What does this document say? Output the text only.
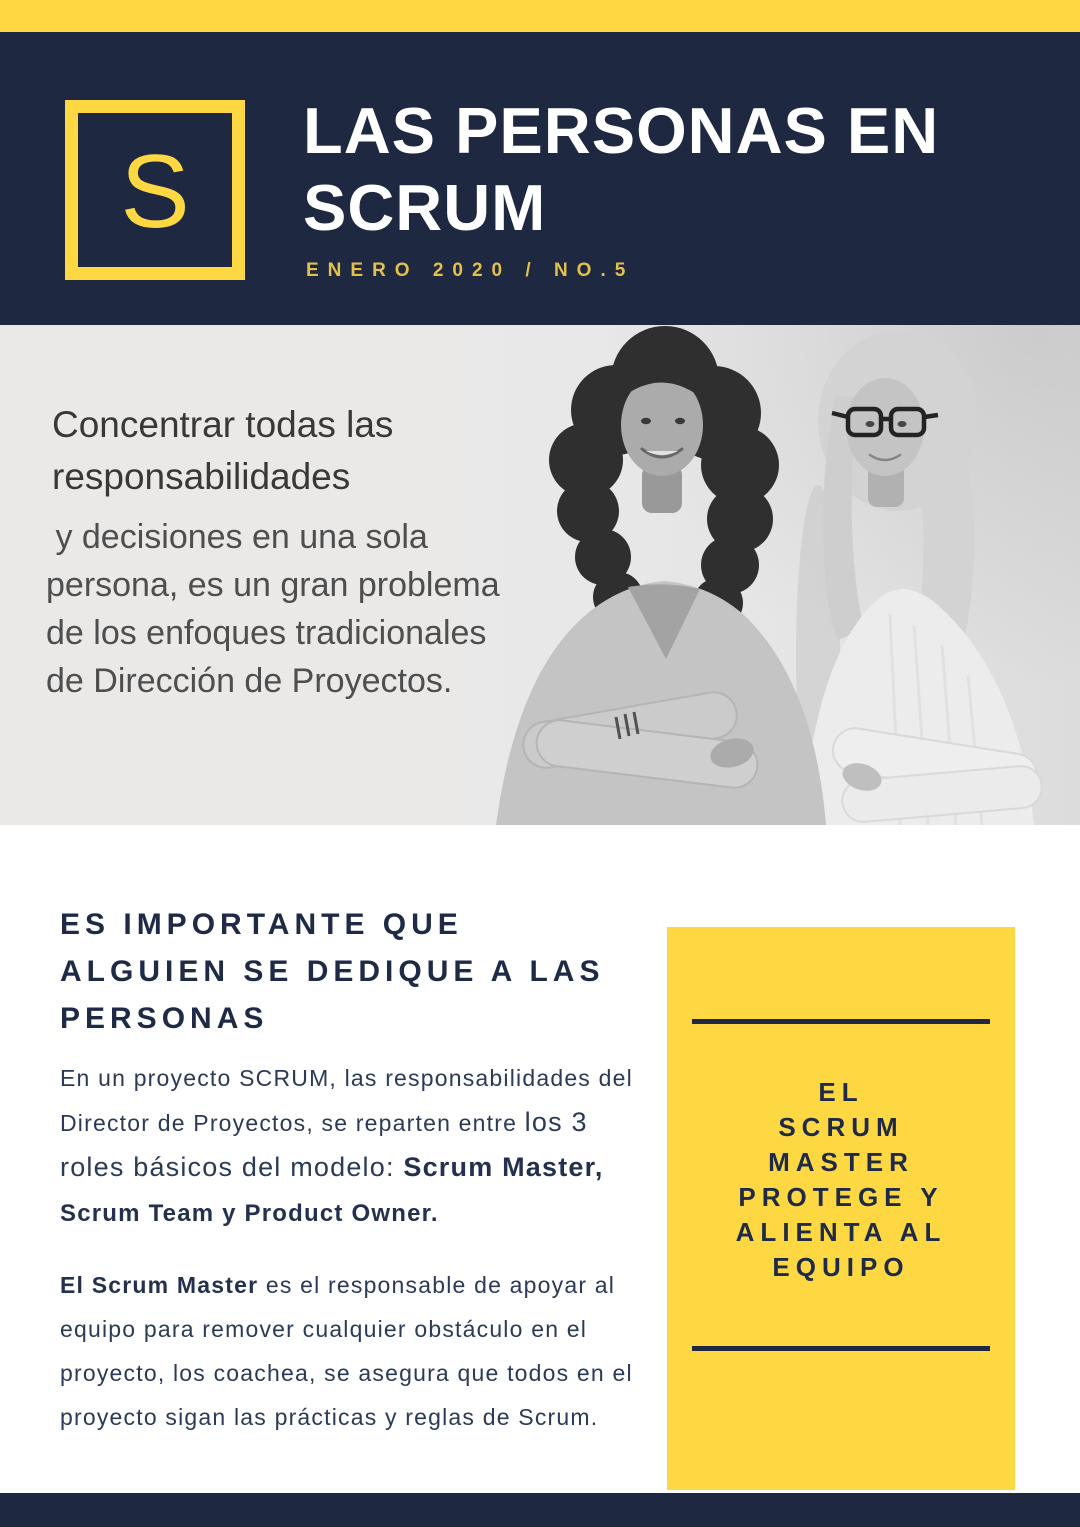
S
LAS PERSONAS EN
SCRUM
ENERO 2020 / NO.5

Concentrar todas las responsabilidades

y decisiones en una sola persona, es un gran problema de los enfoques tradicionales de Dirección de Proyectos.

ES IMPORTANTE QUE
ALGUIEN SE DEDIQUE A LAS
PERSONAS

En un proyecto SCRUM, las responsabilidades del Director de Proyectos, se reparten entre los 3 roles básicos del modelo: Scrum Master,

Scrum Team y Product Owner.

El Scrum Master es el responsable de apoyar al equipo para remover cualquier obstáculo en el proyecto, los coachea, se asegura que todos en el proyecto sigan las prácticas y reglas de Scrum.

EL
SCRUM
MASTER
PROTEGE Y
ALIENTA AL
EQUIPO
